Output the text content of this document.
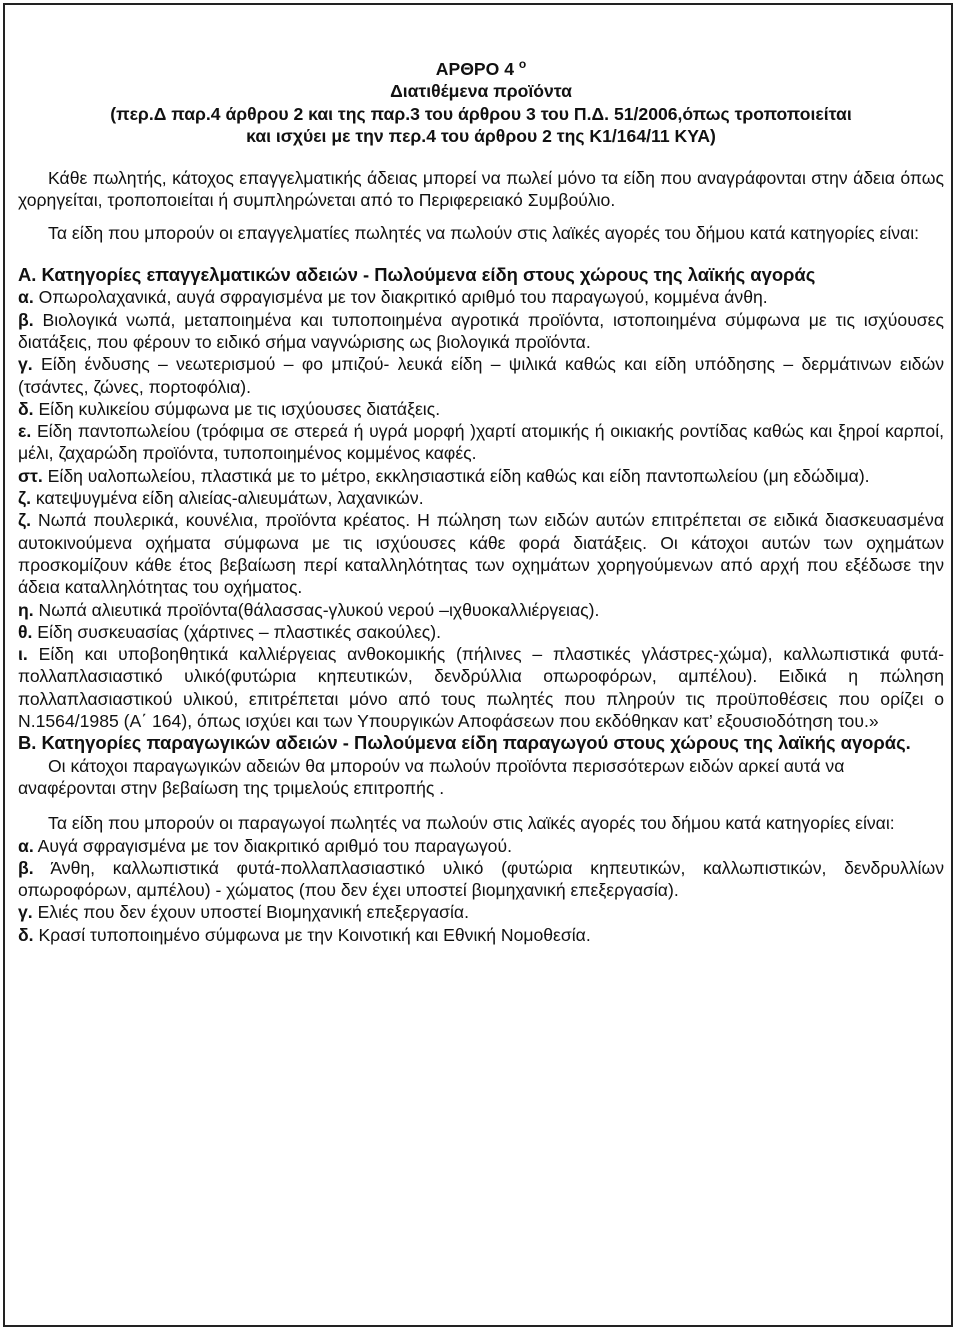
ΑΡΘΡΟ 4 $^o$
Διατιθέμενα προϊόντα
(περ.Δ παρ.4 άρθρου 2 και της παρ.3 του άρθρου 3 του Π.Δ. 51/2006,όπως τροποποιείται
και ισχύει με την περ.4 του άρθρου 2 της Κ1/164/11 ΚΥΑ)

Κάθε πωλητής, κάτοχος επαγγελματικής άδειας μπορεί να πωλεί μόνο τα είδη που αναγράφονται στην άδεια όπως χορηγείται, τροποποιείται ή συμπληρώνεται από το Περιφερειακό Συμβούλιο.

Τα είδη που μπορούν οι επαγγελματίες πωλητές να πωλούν στις λαϊκές αγορές του δήμου κατά κατηγορίες είναι:

Α. Κατηγορίες επαγγελματικών αδειών - Πωλούμενα είδη στους χώρους της λαϊκής αγοράς

α. Οπωρολαχανικά, αυγά σφραγισμένα με τον διακριτικό αριθμό του παραγωγού, κομμένα άνθη.

β. Βιολογικά νωπά, μεταποιημένα και τυποποιημένα αγροτικά προϊόντα, ιστοποιημένα σύμφωνα με τις ισχύουσες διατάξεις, που φέρουν το ειδικό σήμα ναγνώρισης ως βιολογικά προϊόντα.

γ. Είδη ένδυσης – νεωτερισμού – φο μπιζού- λευκά είδη – ψιλικά καθώς και είδη υπόδησης – δερμάτινων ειδών (τσάντες, ζώνες, πορτοφόλια).

δ. Είδη κυλικείου σύμφωνα με τις ισχύουσες διατάξεις.

ε. Είδη παντοπωλείου (τρόφιμα σε στερεά ή υγρά μορφή )χαρτί ατομικής ή οικιακής ροντίδας καθώς και ξηροί καρποί, μέλι, ζαχαρώδη προϊόντα, τυποποιημένος κομμένος καφές.

στ. Είδη υαλοπωλείου, πλαστικά με το μέτρο, εκκλησιαστικά είδη καθώς και είδη παντοπωλείου (μη εδώδιμα).

ζ. κατεψυγμένα είδη αλιείας-αλιευμάτων, λαχανικών.

ζ. Νωπά πουλερικά, κουνέλια, προϊόντα κρέατος. Η πώληση των ειδών αυτών επιτρέπεται σε ειδικά διασκευασμένα αυτοκινούμενα οχήματα σύμφωνα με τις ισχύουσες κάθε φορά διατάξεις. Οι κάτοχοι αυτών των οχημάτων προσκομίζουν κάθε έτος βεβαίωση περί καταλληλότητας των οχημάτων χορηγούμενων από αρχή που εξέδωσε την άδεια καταλληλότητας του οχήματος.

η. Νωπά αλιευτικά προϊόντα(θάλασσας-γλυκού νερού –ιχθυοκαλλιέργειας).

θ. Είδη συσκευασίας (χάρτινες – πλαστικές σακούλες).

ι. Είδη και υποβοηθητικά καλλιέργειας ανθοκομικής (πήλινες – πλαστικές γλάστρες-χώμα), καλλωπιστικά φυτά-πολλαπλασιαστικό υλικό(φυτώρια κηπευτικών, δενδρύλλια οπωροφόρων, αμπέλου). Ειδικά η πώληση πολλαπλασιαστικού υλικού, επιτρέπεται μόνο από τους πωλητές που πληρούν τις προϋποθέσεις που ορίζει ο Ν.1564/1985 (Α΄ 164), όπως ισχύει και των Υπουργικών Αποφάσεων που εκδόθηκαν κατ’ εξουσιοδότηση του.»

Β. Κατηγορίες παραγωγικών αδειών - Πωλούμενα είδη παραγωγού στους χώρους της λαϊκής αγοράς.

Οι κάτοχοι παραγωγικών αδειών θα μπορούν να πωλούν προϊόντα περισσότερων ειδών αρκεί αυτά να αναφέρονται στην βεβαίωση της τριμελούς επιτροπής .

Τα είδη που μπορούν οι παραγωγοί πωλητές να πωλούν στις λαϊκές αγορές του δήμου κατά κατηγορίες είναι:

α. Αυγά σφραγισμένα με τον διακριτικό αριθμό του παραγωγού.

β. Άνθη, καλλωπιστικά φυτά-πολλαπλασιαστικό υλικό (φυτώρια κηπευτικών, καλλωπιστικών, δενδρυλλίων οπωροφόρων, αμπέλου) - χώματος (που δεν έχει υποστεί βιομηχανική επεξεργασία).

γ. Ελιές που δεν έχουν υποστεί Βιομηχανική επεξεργασία.

δ. Κρασί τυποποιημένο σύμφωνα με την Κοινοτική και Εθνική Νομοθεσία.
